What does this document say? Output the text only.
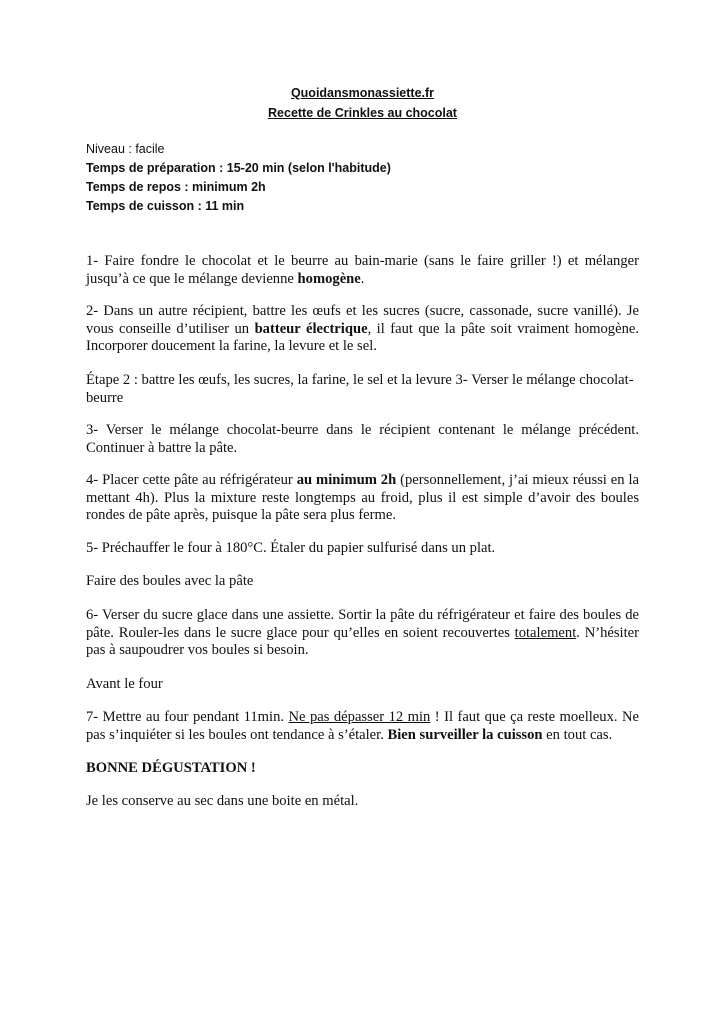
Quoidansmonassiette.fr
Recette de Crinkles au chocolat
Niveau : facile
Temps de préparation : 15-20 min (selon l'habitude)
Temps de repos : minimum 2h
Temps de cuisson : 11 min

1- Faire fondre le chocolat et le beurre au bain-marie (sans le faire griller !) et mélanger jusqu’à ce que le mélange devienne homogène.

2- Dans un autre récipient, battre les œufs et les sucres (sucre, cassonade, sucre vanillé). Je vous conseille d’utiliser un batteur électrique, il faut que la pâte soit vraiment homogène. Incorporer doucement la farine, la levure et le sel.

Étape 2 : battre les œufs, les sucres, la farine, le sel et la levure 3- Verser le mélange chocolat-beurre

3- Verser le mélange chocolat-beurre dans le récipient contenant le mélange précédent. Continuer à battre la pâte.

4- Placer cette pâte au réfrigérateur au minimum 2h (personnellement, j’ai mieux réussi en la mettant 4h). Plus la mixture reste longtemps au froid, plus il est simple d’avoir des boules rondes de pâte après, puisque la pâte sera plus ferme.

5- Préchauffer le four à 180°C. Étaler du papier sulfurisé dans un plat.

Faire des boules avec la pâte

6- Verser du sucre glace dans une assiette. Sortir la pâte du réfrigérateur et faire des boules de pâte. Rouler-les dans le sucre glace pour qu’elles en soient recouvertes totalement. N’hésiter pas à saupoudrer vos boules si besoin.

Avant le four

7- Mettre au four pendant 11min. Ne pas dépasser 12 min ! Il faut que ça reste moelleux. Ne pas s’inquiéter si les boules ont tendance à s’étaler. Bien surveiller la cuisson en tout cas.

BONNE DÉGUSTATION !

Je les conserve au sec dans une boite en métal.
